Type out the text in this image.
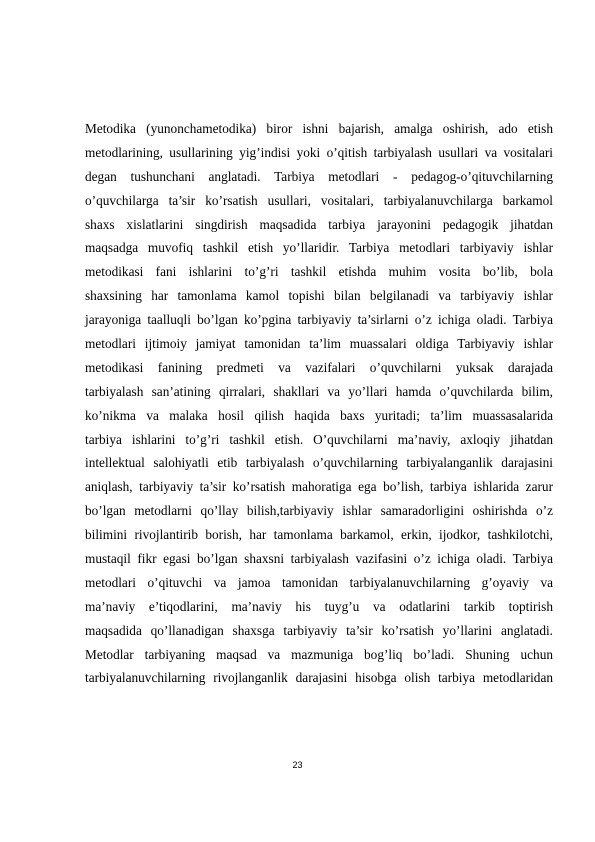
Metodika (yunonchametodika) biror ishni bajarish, amalga oshirish, ado etish
metodlarining, usullarining yig’indisi yoki o’qitish tarbiyalash usullari va vositalari
degan tushunchani anglatadi. Tarbiya metodlari - pedagog-o’qituvchilarning
o’quvchilarga ta’sir ko’rsatish usullari, vositalari, tarbiyalanuvchilarga barkamol
shaxs xislatlarini singdirish maqsadida tarbiya jarayonini pedagogik jihatdan
maqsadga muvofiq tashkil etish yo’llaridir. Tarbiya metodlari tarbiyaviy ishlar
metodikasi fani ishlarini to’g’ri tashkil etishda muhim vosita bo’lib, bola
shaxsining har tamonlama kamol topishi bilan belgilanadi va tarbiyaviy ishlar
jarayoniga taalluqli bo’lgan ko’pgina tarbiyaviy ta’sirlarni o’z ichiga oladi. Tarbiya
metodlari ijtimoiy jamiyat tamonidan ta’lim muassalari oldiga Tarbiyaviy ishlar
metodikasi fanining predmeti va vazifalari o’quvchilarni yuksak darajada
tarbiyalash san’atining qirralari, shakllari va yo’llari hamda o’quvchilarda bilim,
ko’nikma va malaka hosil qilish haqida baxs yuritadi; ta’lim muassasalarida
tarbiya ishlarini to’g’ri tashkil etish. O’quvchilarni ma’naviy, axloqiy jihatdan
intellektual salohiyatli etib tarbiyalash o’quvchilarning tarbiyalanganlik darajasini
aniqlash, tarbiyaviy ta’sir ko’rsatish mahoratiga ega bo’lish, tarbiya ishlarida zarur
bo’lgan metodlarni qo’llay bilish,tarbiyaviy ishlar samaradorligini oshirishda o’z
bilimini rivojlantirib borish, har tamonlama barkamol, erkin, ijodkor, tashkilotchi,
mustaqil fikr egasi bo’lgan shaxsni tarbiyalash vazifasini o’z ichiga oladi. Tarbiya
metodlari o’qituvchi va jamoa tamonidan tarbiyalanuvchilarning g’oyaviy va
ma’naviy e’tiqodlarini, ma’naviy his tuyg’u va odatlarini tarkib toptirish
maqsadida qo’llanadigan shaxsga tarbiyaviy ta’sir ko’rsatish yo’llarini anglatadi.
Metodlar tarbiyaning maqsad va mazmuniga bog’liq bo’ladi. Shuning uchun
tarbiyalanuvchilarning rivojlanganlik darajasini hisobga olish tarbiya metodlaridan
23
